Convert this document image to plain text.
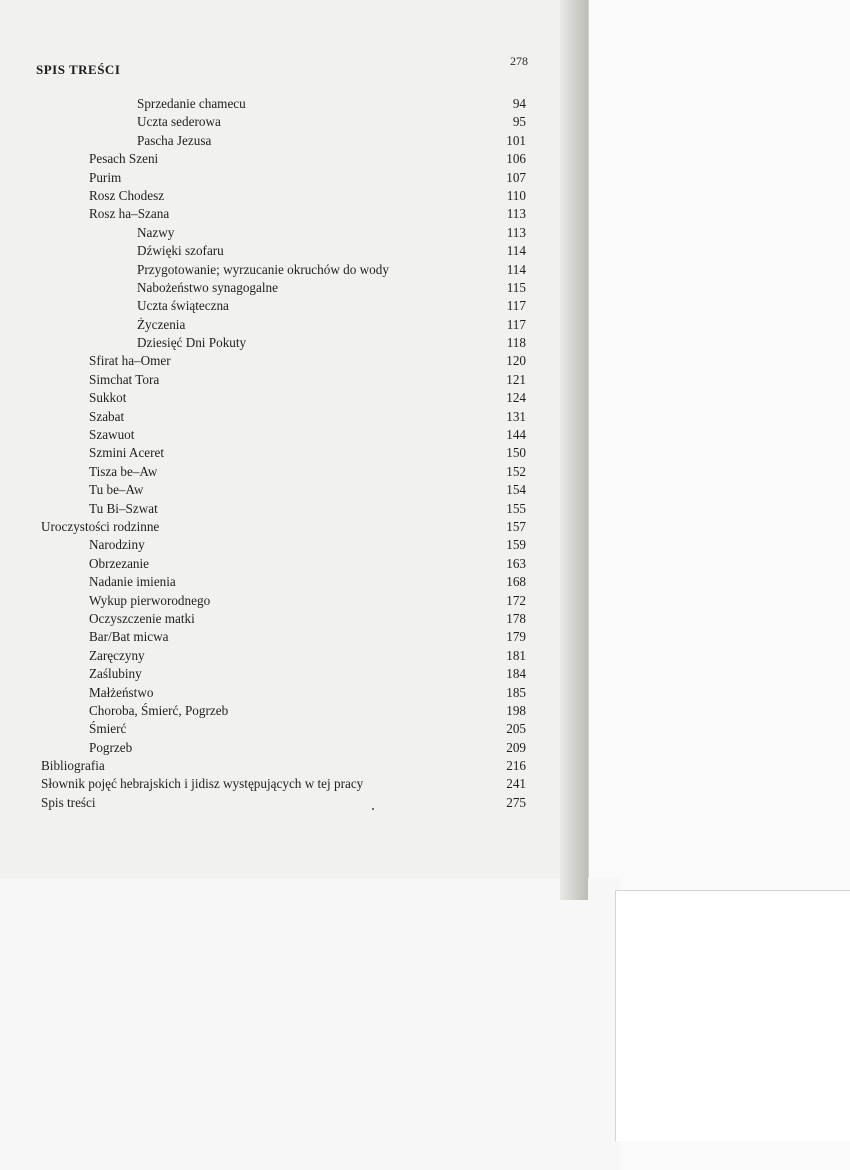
SPIS TREŚCI
278
Sprzedanie chamecu	94
Uczta sederowa	95
Pascha Jezusa	101
Pesach Szeni	106
Purim	107
Rosz Chodesz	110
Rosz ha–Szana	113
Nazwy	113
Dźwięki szofaru	114
Przygotowanie; wyrzucanie okruchów do wody	114
Nabożeństwo synagogalne	115
Uczta świąteczna	117
Życzenia	117
Dziesięć Dni Pokuty	118
Sfirat ha–Omer	120
Simchat Tora	121
Sukkot	124
Szabat	131
Szawuot	144
Szmini Aceret	150
Tisza be–Aw	152
Tu be–Aw	154
Tu Bi–Szwat	155
Uroczystości rodzinne	157
Narodziny	159
Obrzezanie	163
Nadanie imienia	168
Wykup pierworodnego	172
Oczyszczenie matki	178
Bar/Bat micwa	179
Zaręczyny	181
Zaślubiny	184
Małżeństwo	185
Choroba, Śmierć, Pogrzeb	198
Śmierć	205
Pogrzeb	209
Bibliografia	216
Słownik pojęć hebrajskich i jidisz występujących w tej pracy	241
Spis treści	275
